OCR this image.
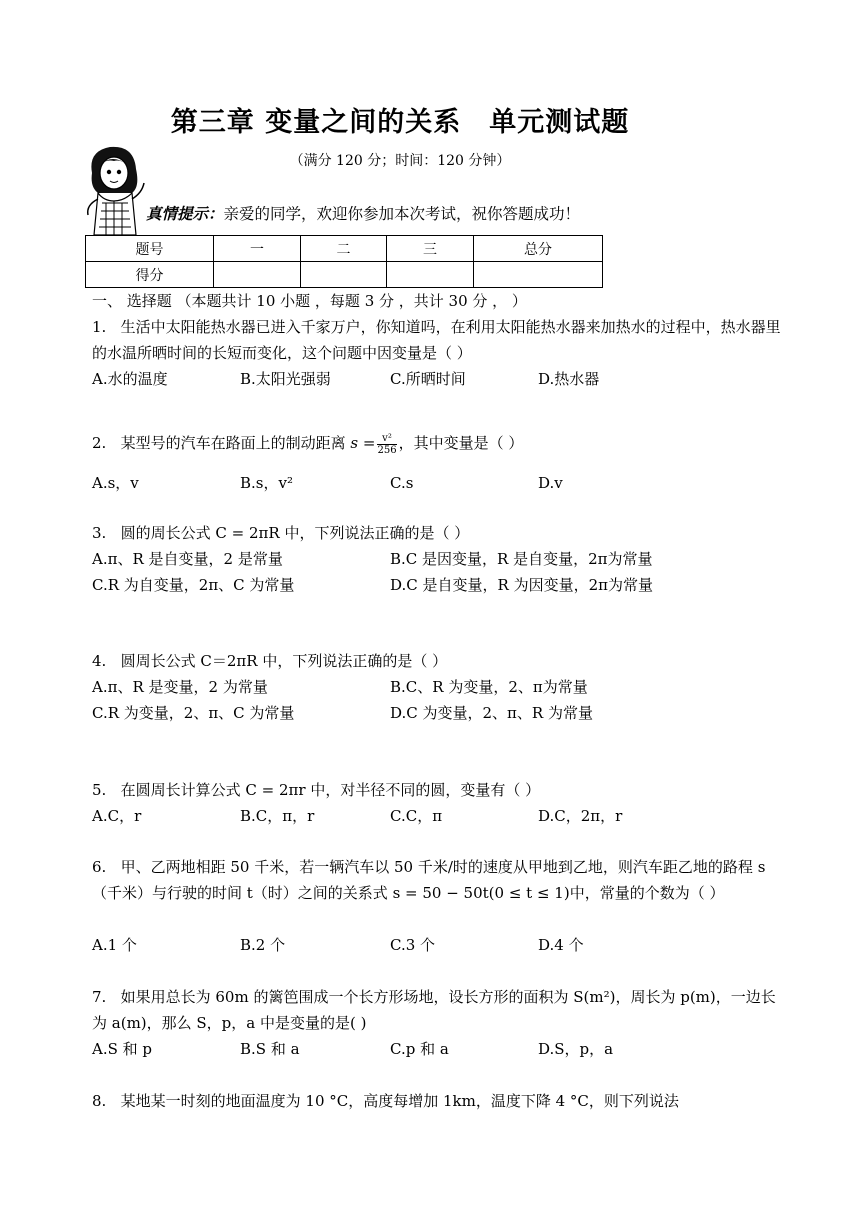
第三章 变量之间的关系　单元测试题
（满分 120 分；时间：120 分钟）
真情提示：亲爱的同学，欢迎你参加本次考试，祝你答题成功！
题号	一	二	三	总分
得分				
一、 选择题 （本题共计 10 小题 ，每题 3 分 ，共计 30 分 ， ）
1. 生活中太阳能热水器已进入千家万户，你知道吗，在利用太阳能热水器来加热水的过程中，热水器里的水温所晒时间的长短而变化，这个问题中因变量是（ ）
A.水的温度	B.太阳光强弱	C.所晒时间	D.热水器
2. 某型号的汽车在路面上的制动距离 $s = \frac{\text{v²}}{256}$ ，其中变量是（ ）
A.s，v	B.s，v²	C.s	D.v
3. 圆的周长公式 C = 2πR 中，下列说法正确的是（ ）
A.π、R 是自变量，2 是常量	B.C 是因变量，R 是自变量，2π为常量
C.R 为自变量，2π、C 为常量	D.C 是自变量，R 为因变量，2π为常量
4. 圆周长公式 C＝2πR 中，下列说法正确的是（ ）
A.π、R 是变量，2 为常量	B.C、R 为变量，2、π为常量
C.R 为变量，2、π、C 为常量	D.C 为变量，2、π、R 为常量
5. 在圆周长计算公式 C = 2πr 中，对半径不同的圆，变量有（ ）
A.C，r	B.C，π，r	C.C，π	D.C，2π，r
6. 甲、乙两地相距 50 千米，若一辆汽车以 50 千米/时的速度从甲地到乙地，则汽车距乙地的路程 s（千米）与行驶的时间 t（时）之间的关系式 s = 50 − 50t(0 ≤ t ≤ 1)中，常量的个数为（ ）
A.1 个	B.2 个	C.3 个	D.4 个
7. 如果用总长为 60m 的篱笆围成一个长方形场地，设长方形的面积为 S(m²)，周长为 p(m)，一边长为 a(m)，那么 S，p，a 中是变量的是( )
A.S 和 p	B.S 和 a	C.p 和 a	D.S，p，a
8. 某地某一时刻的地面温度为 10 °C，高度每增加 1km，温度下降 4 °C，则下列说法
